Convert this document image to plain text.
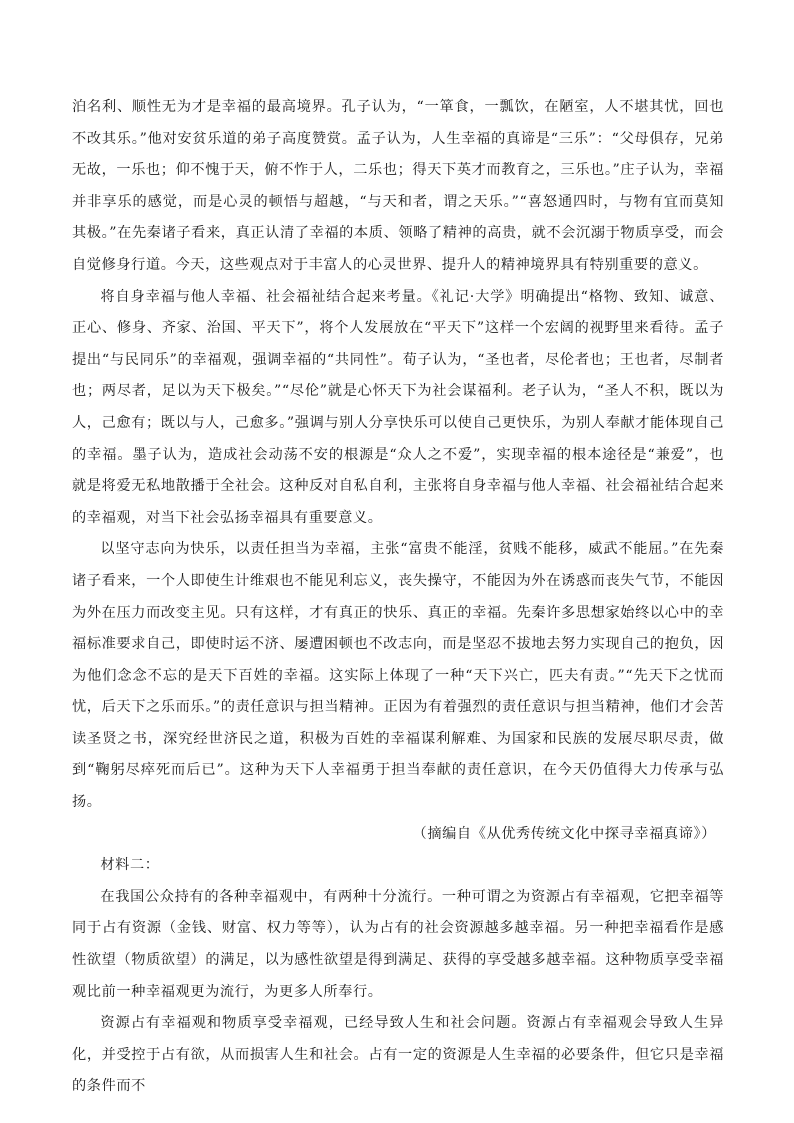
泊名利、顺性无为才是幸福的最高境界。孔子认为，“一箪食，一瓢饮，在陋室，人不堪其忧，回也不改其乐。”他对安贫乐道的弟子高度赞赏。孟子认为，人生幸福的真谛是“三乐”：“父母俱存，兄弟无故，一乐也；仰不愧于天，俯不怍于人，二乐也；得天下英才而教育之，三乐也。”庄子认为，幸福并非享乐的感觉，而是心灵的顿悟与超越，“与天和者，谓之天乐。”“喜怒通四时，与物有宜而莫知其极。”在先秦诸子看来，真正认清了幸福的本质、领略了精神的高贵，就不会沉溺于物质享受，而会自觉修身行道。今天，这些观点对于丰富人的心灵世界、提升人的精神境界具有特别重要的意义。

将自身幸福与他人幸福、社会福祉结合起来考量。《礼记·大学》明确提出“格物、致知、诚意、正心、修身、齐家、治国、平天下”，将个人发展放在“平天下”这样一个宏阔的视野里来看待。孟子提出“与民同乐”的幸福观，强调幸福的“共同性”。荀子认为，“圣也者，尽伦者也；王也者，尽制者也；两尽者，足以为天下极矣。”“尽伦”就是心怀天下为社会谋福利。老子认为，“圣人不积，既以为人，己愈有；既以与人，己愈多。”强调与别人分享快乐可以使自己更快乐，为别人奉献才能体现自己的幸福。墨子认为，造成社会动荡不安的根源是“众人之不爱”，实现幸福的根本途径是“兼爱”，也就是将爱无私地散播于全社会。这种反对自私自利，主张将自身幸福与他人幸福、社会福祉结合起来的幸福观，对当下社会弘扬幸福具有重要意义。

以坚守志向为快乐，以责任担当为幸福，主张“富贵不能淫，贫贱不能移，威武不能屈。”在先秦诸子看来，一个人即使生计维艰也不能见利忘义，丧失操守，不能因为外在诱惑而丧失气节，不能因为外在压力而改变主见。只有这样，才有真正的快乐、真正的幸福。先秦许多思想家始终以心中的幸福标准要求自己，即使时运不济、屡遭困顿也不改志向，而是坚忍不拔地去努力实现自己的抱负，因为他们念念不忘的是天下百姓的幸福。这实际上体现了一种“天下兴亡，匹夫有责。”“先天下之忧而忧，后天下之乐而乐。”的责任意识与担当精神。正因为有着强烈的责任意识与担当精神，他们才会苦读圣贤之书，深究经世济民之道，积极为百姓的幸福谋利解难、为国家和民族的发展尽职尽责，做到“鞠躬尽瘁死而后已”。这种为天下人幸福勇于担当奉献的责任意识，在今天仍值得大力传承与弘扬。

（摘编自《从优秀传统文化中探寻幸福真谛》）

材料二：

在我国公众持有的各种幸福观中，有两种十分流行。一种可谓之为资源占有幸福观，它把幸福等同于占有资源（金钱、财富、权力等等），认为占有的社会资源越多越幸福。另一种把幸福看作是感性欲望（物质欲望）的满足，以为感性欲望是得到满足、获得的享受越多越幸福。这种物质享受幸福观比前一种幸福观更为流行，为更多人所奉行。

资源占有幸福观和物质享受幸福观，已经导致人生和社会问题。资源占有幸福观会导致人生异化，并受控于占有欲，从而损害人生和社会。占有一定的资源是人生幸福的必要条件，但它只是幸福的条件而不
